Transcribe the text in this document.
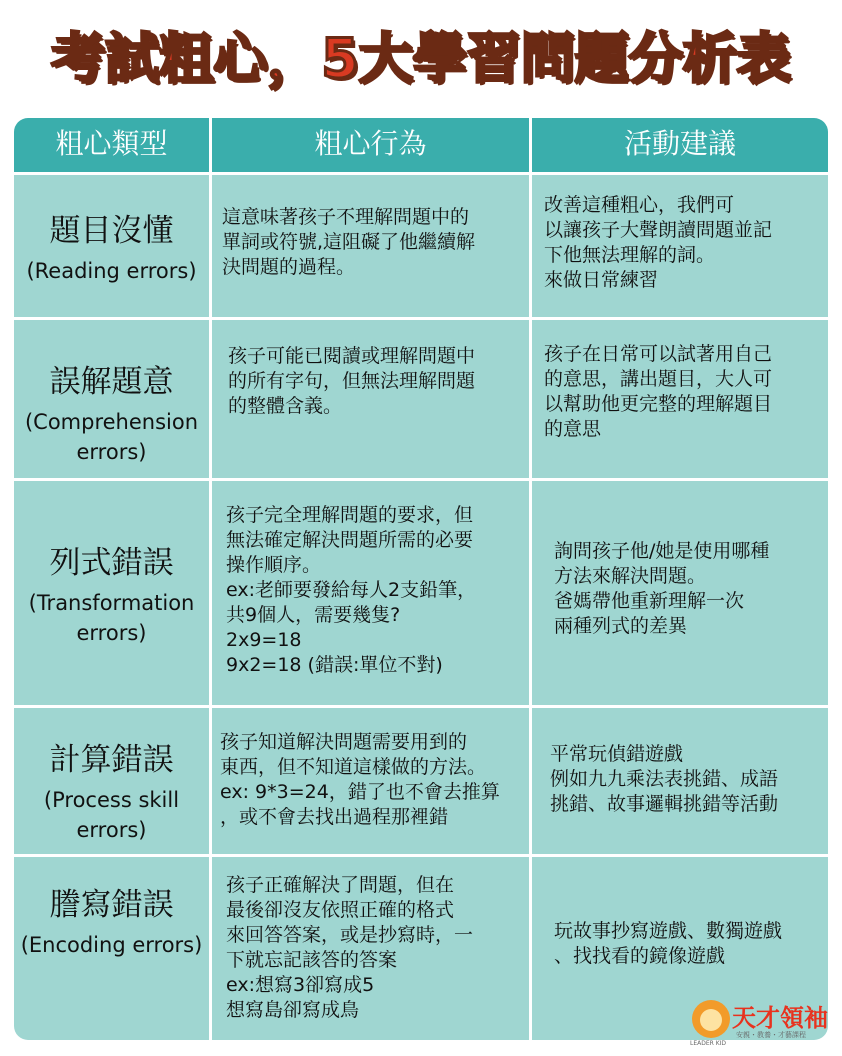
考試粗心，5大學習問題分析表
粗心類型	粗心行為	活動建議
題目沒懂
(Reading errors)
這意味著孩子不理解問題中的
單詞或符號,這阻礙了他繼續解
決問題的過程。
改善這種粗心，我們可
以讓孩子大聲朗讀問題並記
下他無法理解的詞。
來做日常練習
誤解題意
(Comprehension
errors)
孩子可能已閱讀或理解問題中
的所有字句，但無法理解問題
的整體含義。
孩子在日常可以試著用自己
的意思，講出題目，大人可
以幫助他更完整的理解題目
的意思
列式錯誤
(Transformation
errors)
孩子完全理解問題的要求，但
無法確定解決問題所需的必要
操作順序。
ex:老師要發給每人2支鉛筆，
共9個人，需要幾隻?
2x9=18
9x2=18 (錯誤:單位不對)
詢問孩子他/她是使用哪種
方法來解決問題。
爸媽帶他重新理解一次
兩種列式的差異
計算錯誤
(Process skill
errors)
孩子知道解決問題需要用到的
東西，但不知道這樣做的方法。
ex: 9*3=24，錯了也不會去推算
，或不會去找出過程那裡錯
平常玩偵錯遊戲
例如九九乘法表挑錯、成語
挑錯、故事邏輯挑錯等活動
謄寫錯誤
(Encoding errors)
孩子正確解決了問題，但在
最後卻沒友依照正確的格式
來回答答案，或是抄寫時，一
下就忘記該答的答案
ex:想寫3卻寫成5
想寫島卻寫成鳥
玩故事抄寫遊戲、數獨遊戲
、找找看的鏡像遊戲
天才領袖
安親・教養・才藝課程
LEADER KID
